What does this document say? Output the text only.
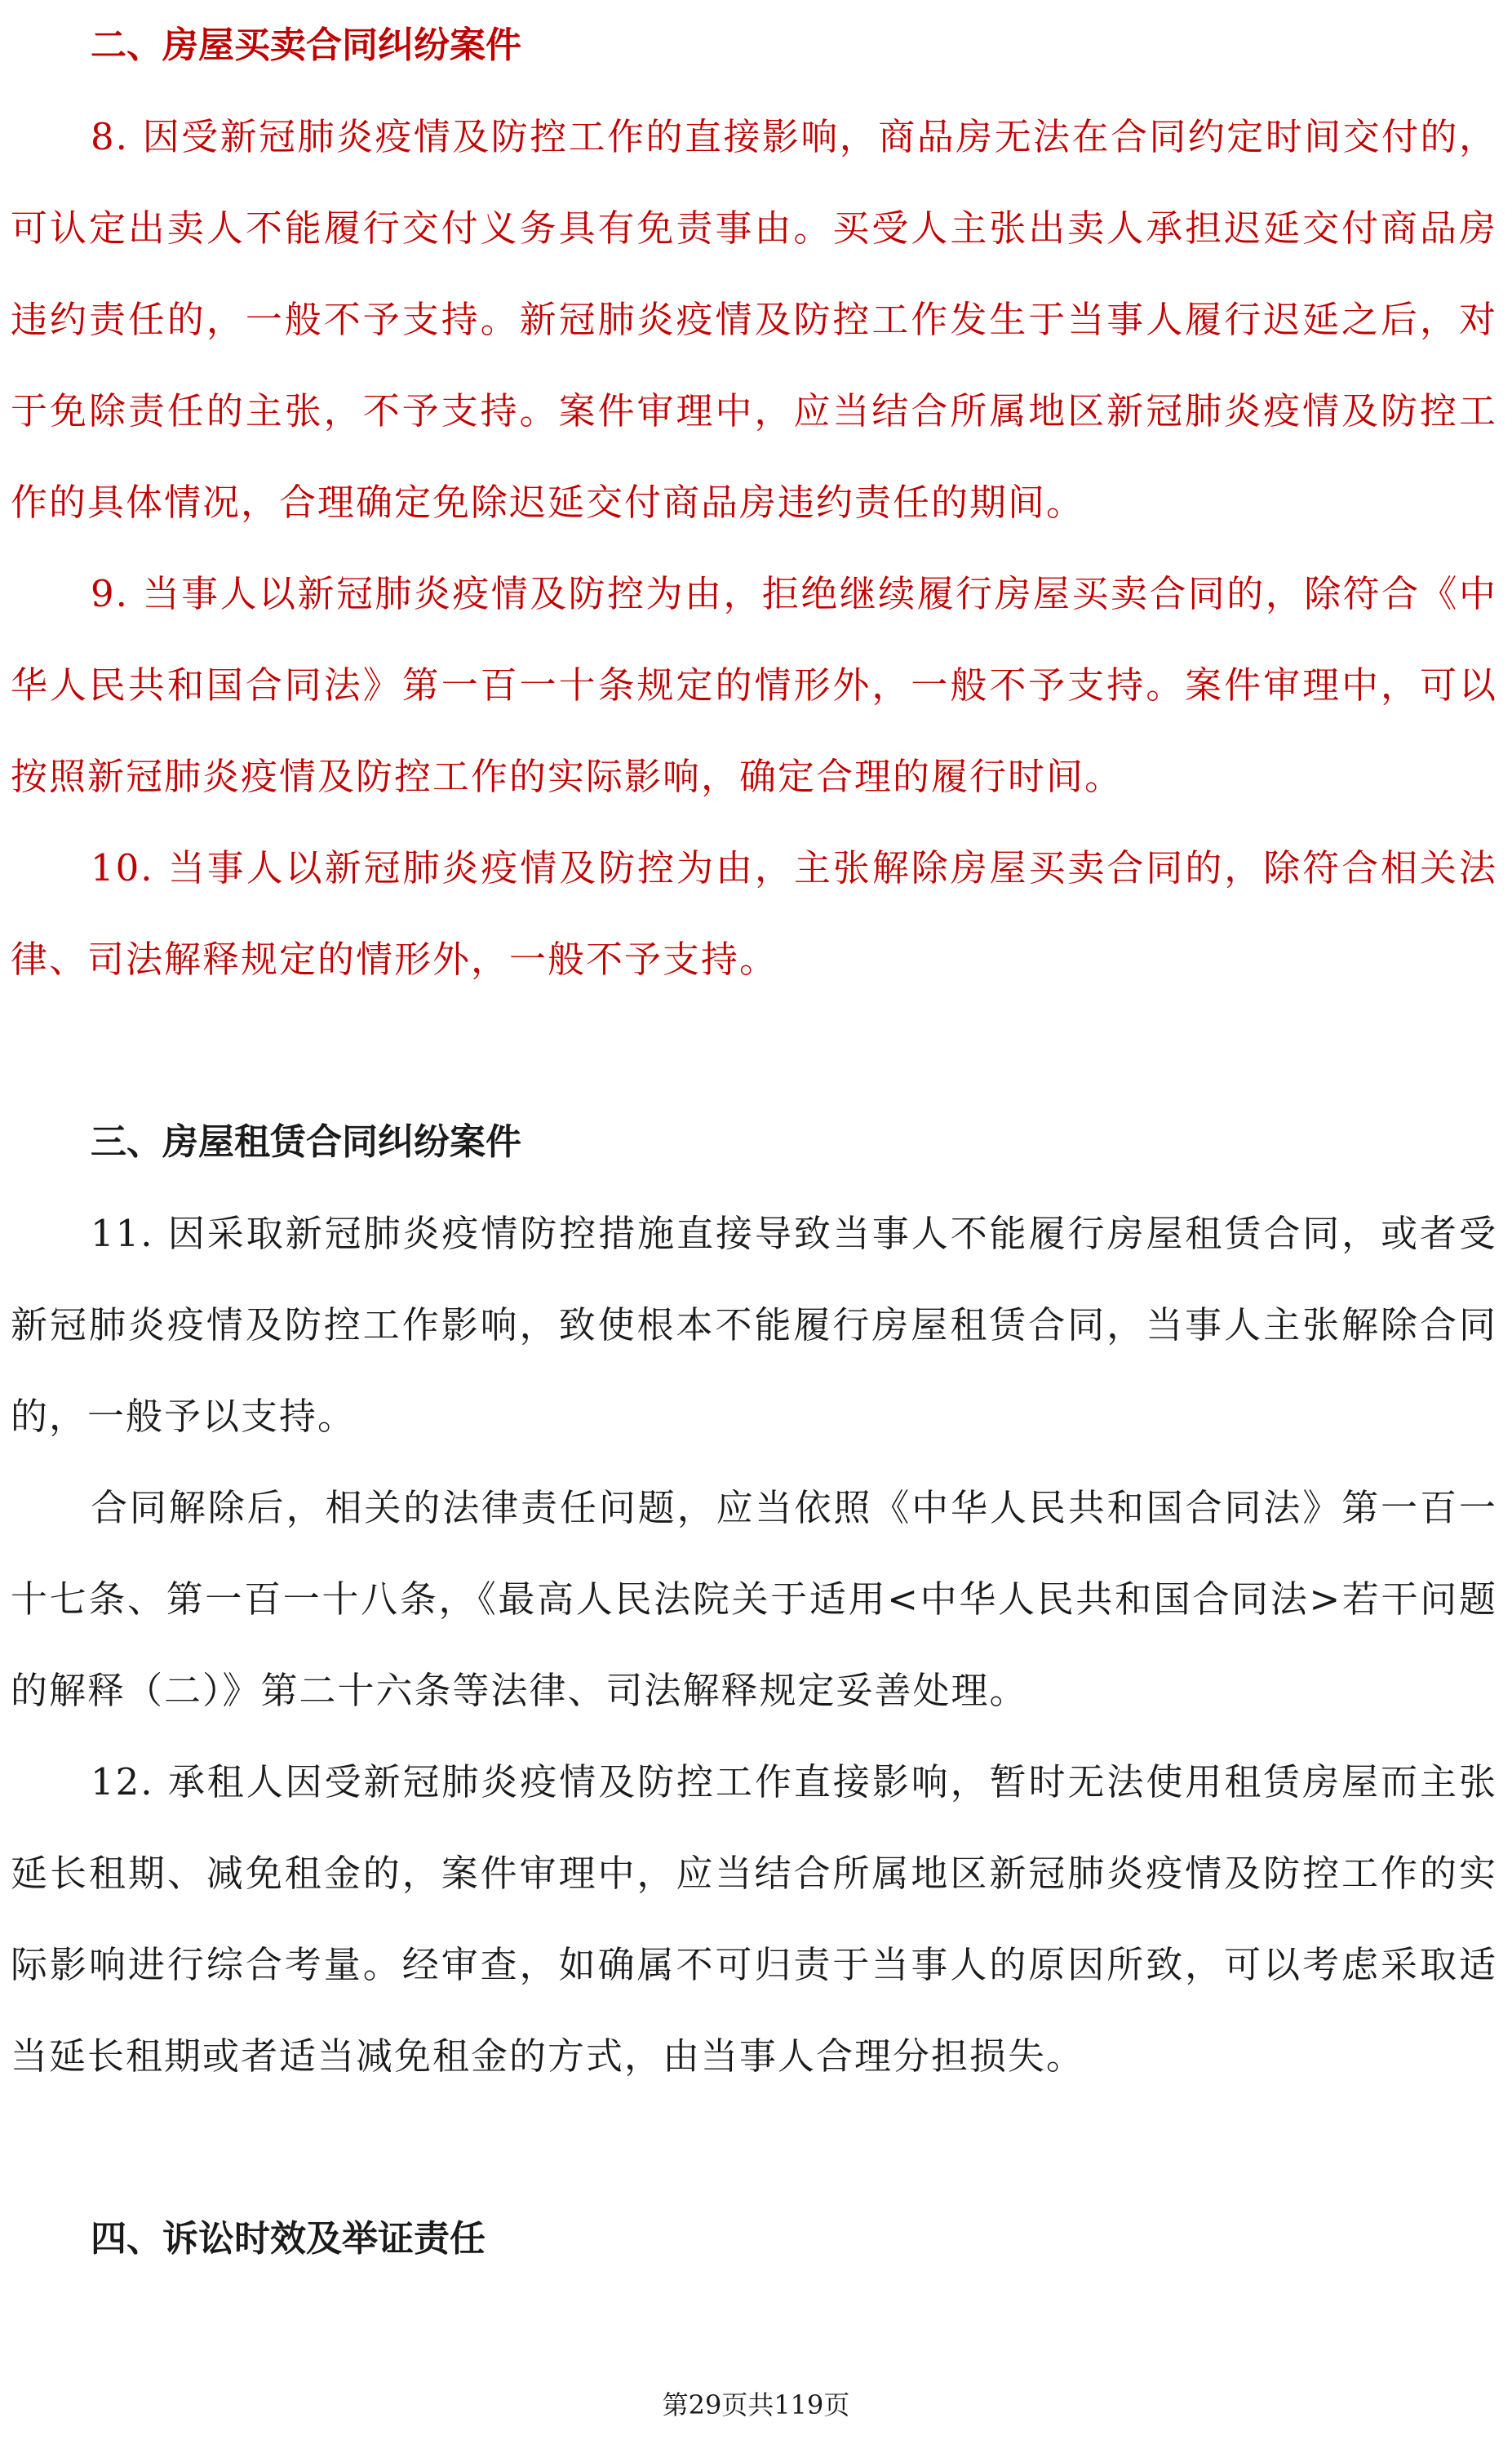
二、房屋买卖合同纠纷案件

8. 因受新冠肺炎疫情及防控工作的直接影响，商品房无法在合同约定时间交付的，可认定出卖人不能履行交付义务具有免责事由。买受人主张出卖人承担迟延交付商品房违约责任的，一般不予支持。新冠肺炎疫情及防控工作发生于当事人履行迟延之后，对于免除责任的主张，不予支持。案件审理中，应当结合所属地区新冠肺炎疫情及防控工作的具体情况，合理确定免除迟延交付商品房违约责任的期间。

9. 当事人以新冠肺炎疫情及防控为由，拒绝继续履行房屋买卖合同的，除符合《中华人民共和国合同法》第一百一十条规定的情形外，一般不予支持。案件审理中，可以按照新冠肺炎疫情及防控工作的实际影响，确定合理的履行时间。

10. 当事人以新冠肺炎疫情及防控为由，主张解除房屋买卖合同的，除符合相关法律、司法解释规定的情形外，一般不予支持。

三、房屋租赁合同纠纷案件

11. 因采取新冠肺炎疫情防控措施直接导致当事人不能履行房屋租赁合同，或者受新冠肺炎疫情及防控工作影响，致使根本不能履行房屋租赁合同，当事人主张解除合同的，一般予以支持。

合同解除后，相关的法律责任问题，应当依照《中华人民共和国合同法》第一百一十七条、第一百一十八条，《最高人民法院关于适用<中华人民共和国合同法>若干问题的解释（二）》第二十六条等法律、司法解释规定妥善处理。

12. 承租人因受新冠肺炎疫情及防控工作直接影响，暂时无法使用租赁房屋而主张延长租期、减免租金的，案件审理中，应当结合所属地区新冠肺炎疫情及防控工作的实际影响进行综合考量。经审查，如确属不可归责于当事人的原因所致，可以考虑采取适当延长租期或者适当减免租金的方式，由当事人合理分担损失。

四、诉讼时效及举证责任
第29页共119页
